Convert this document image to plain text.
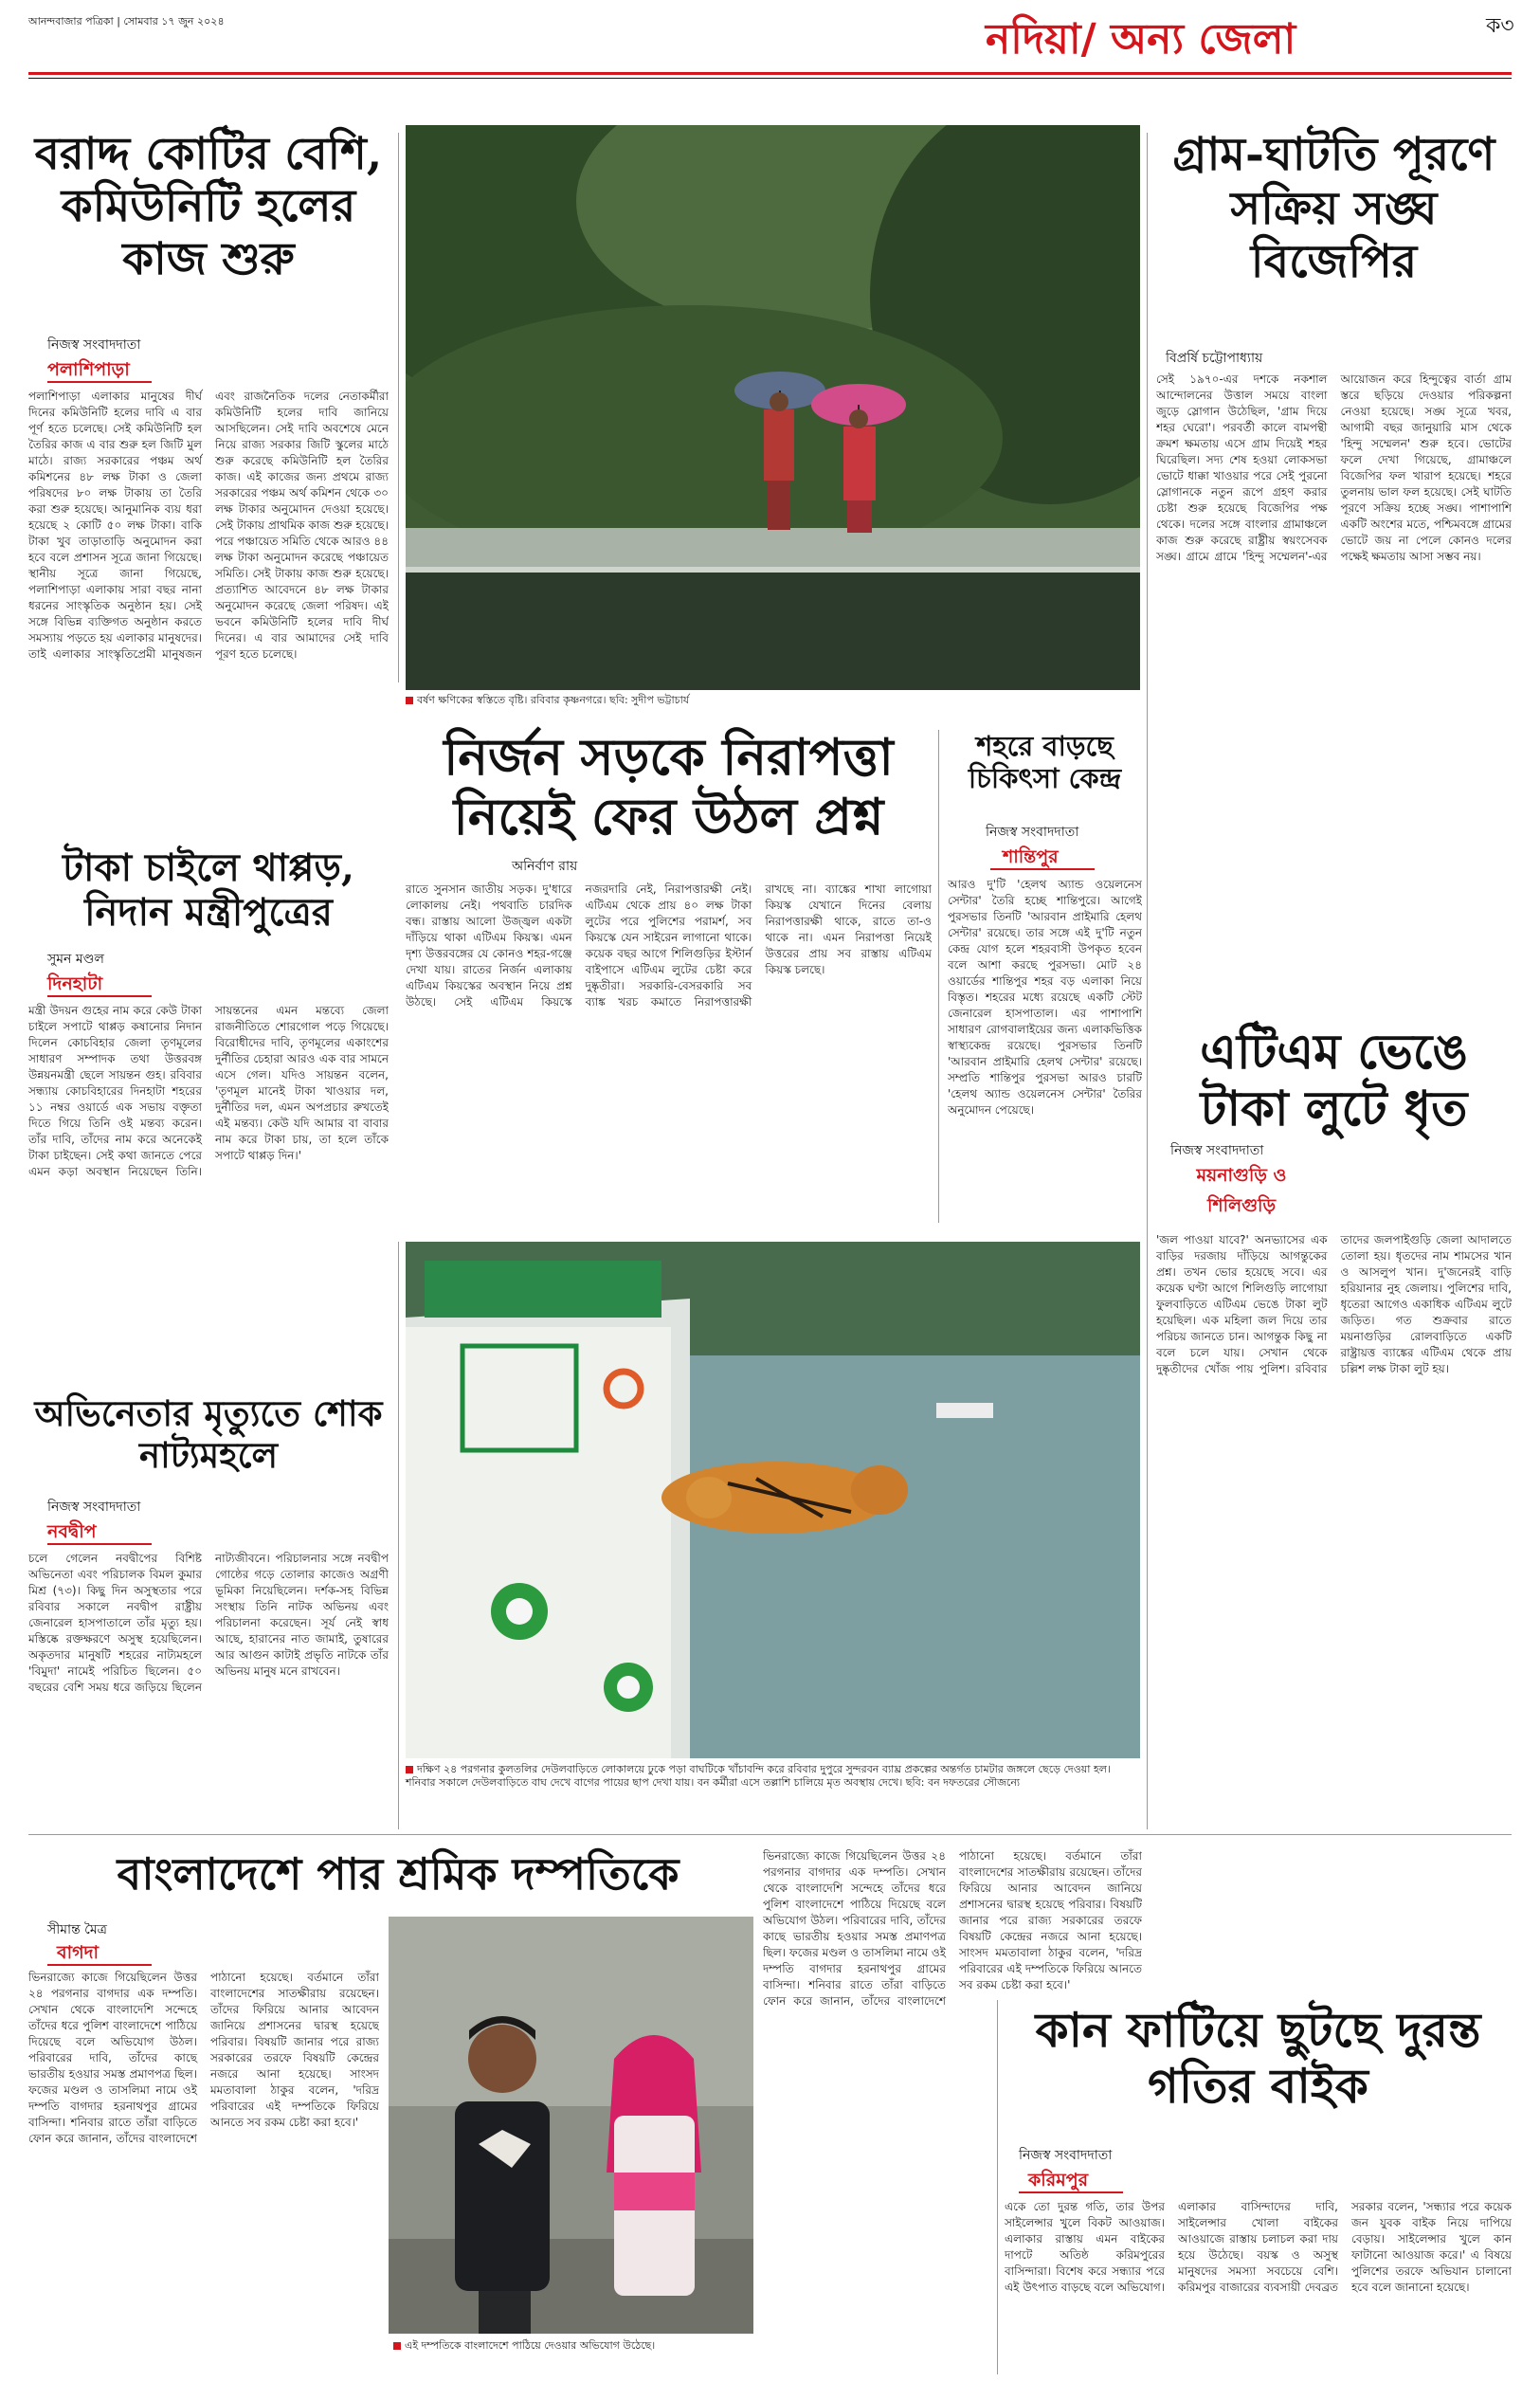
আনন্দবাজার পত্রিকা | সোমবার ১৭ জুন ২০২৪	নদিয়া/ অন্য জেলা	ক৩
বরাদ্দ কোটির বেশি, কমিউনিটি হলের কাজ শুরু
নিজস্ব সংবাদদাতা
পলাশিপাড়া
পলাশিপাড়া এলাকার মানুষের দীর্ঘ দিনের কমিউনিটি হলের দাবি এ বার পূর্ণ হতে চলেছে। সেই কমিউনিটি হল তৈরির কাজ এ বার শুরু হল জিটি মুল মাঠে। রাজ্য সরকারের পঞ্চম অর্থ কমিশনের ৪৮ লক্ষ টাকা ও জেলা পরিষদের ৮০ লক্ষ টাকায় তা তৈরি করা শুরু হয়েছে। আনুমানিক ব্যয় ধরা হয়েছে ২ কোটি ৫০ লক্ষ টাকা। বাকি টাকা খুব তাড়াতাড়ি অনুমোদন করা হবে বলে প্রশাসন সূত্রে জানা গিয়েছে। স্থানীয় সূত্রে জানা গিয়েছে, পলাশিপাড়া এলাকায় সারা বছর নানা ধরনের সাংস্কৃতিক অনুষ্ঠান হয়। সেই সঙ্গে বিভিন্ন ব্যক্তিগত অনুষ্ঠান করতে সমস্যায় পড়তে হয় এলাকার মানুষদের। তাই এলাকার সাংস্কৃতিপ্রেমী মানুষজন এবং রাজনৈতিক দলের নেতাকর্মীরা কমিউনিটি হলের দাবি জানিয়ে আসছিলেন। সেই দাবি অবশেষে মেনে নিয়ে রাজ্য সরকার জিটি স্কুলের মাঠে শুরু করেছে কমিউনিটি হল তৈরির কাজ। এই কাজের জন্য প্রথমে রাজ্য সরকারের পঞ্চম অর্থ কমিশন থেকে ৩০ লক্ষ টাকার অনুমোদন দেওয়া হয়েছে। সেই টাকায় প্রাথমিক কাজ শুরু হয়েছে। পরে পঞ্চায়েত সমিতি থেকে আরও ৪৪ লক্ষ টাকা অনুমোদন করেছে পঞ্চায়েত সমিতি। সেই টাকায় কাজ শুরু হয়েছে। প্রত্যাশিত আবেদনে ৪৮ লক্ষ টাকার অনুমোদন করেছে জেলা পরিষদ। এই ভবনে কমিউনিটি হলের দাবি দীর্ঘ দিনের। এ বার আমাদের সেই দাবি পূরণ হতে চলেছে।
বর্ষণ ক্ষণিকের স্বস্তিতে বৃষ্টি। রবিবার কৃষ্ণনগরে। ছবি: সুদীপ ভট্টাচার্য
নির্জন সড়কে নিরাপত্তা নিয়েই ফের উঠল প্রশ্ন
অনির্বাণ রায়
রাতে সুনসান জাতীয় সড়ক। দু'ধারে লোকালয় নেই। পথবাতি চারদিক বন্ধ। রাস্তায় আলো উজ্জ্বল একটা দাঁড়িয়ে থাকা এটিএম কিয়স্ক। এমন দৃশ্য উত্তরবঙ্গের যে কোনও শহর-গঞ্জে দেখা যায়। রাতের নির্জন এলাকায় এটিএম কিয়স্কের অবস্থান নিয়ে প্রশ্ন উঠছে। সেই এটিএম কিয়স্কে নজরদারি নেই, নিরাপত্তারক্ষী নেই। এটিএম থেকে প্রায় ৪০ লক্ষ টাকা লুটের পরে পুলিশের পরামর্শ, সব কিয়স্কে যেন সাইরেন লাগানো থাকে। কয়েক বছর আগে শিলিগুড়ির ইস্টার্ন বাইপাসে এটিএম লুটের চেষ্টা করে দুষ্কৃতীরা। সরকারি-বেসরকারি সব ব্যাঙ্ক খরচ কমাতে নিরাপত্তারক্ষী রাখছে না। ব্যাঙ্কের শাখা লাগোয়া কিয়স্ক যেখানে দিনের বেলায় নিরাপত্তারক্ষী থাকে, রাতে তা-ও থাকে না। এমন নিরাপত্তা নিয়েই উত্তরের প্রায় সব রাস্তায় এটিএম কিয়স্ক চলছে।
শহরে বাড়ছে চিকিৎসা কেন্দ্র
নিজস্ব সংবাদদাতা
শান্তিপুর
আরও দু'টি 'হেলথ অ্যান্ড ওয়েলনেস সেন্টার' তৈরি হচ্ছে শান্তিপুরে। আগেই পুরসভার তিনটি 'আরবান প্রাইমারি হেলথ সেন্টার' রয়েছে। তার সঙ্গে এই দু'টি নতুন কেন্দ্র যোগ হলে শহরবাসী উপকৃত হবেন বলে আশা করছে পুরসভা। মোট ২৪ ওয়ার্ডের শান্তিপুর শহর বড় এলাকা নিয়ে বিস্তৃত। শহরের মধ্যে রয়েছে একটি স্টেট জেনারেল হাসপাতাল। এর পাশাপাশি সাধারণ রোগবালাইয়ের জন্য এলাকভিত্তিক স্বাস্থ্যকেন্দ্র রয়েছে। পুরসভার তিনটি 'আরবান প্রাইমারি হেলথ সেন্টার' রয়েছে। সম্প্রতি শান্তিপুর পুরসভা আরও চারটি 'হেলথ অ্যান্ড ওয়েলনেস সেন্টার' তৈরির অনুমোদন পেয়েছে।
টাকা চাইলে থাপ্পড়, নিদান মন্ত্রীপুত্রের
সুমন মণ্ডল
দিনহাটা
মন্ত্রী উদয়ন গুহের নাম করে কেউ টাকা চাইলে সপাটে থাপ্পড় কষানোর নিদান দিলেন কোচবিহার জেলা তৃণমূলের সাধারণ সম্পাদক তথা উত্তরবঙ্গ উন্নয়নমন্ত্রী ছেলে সায়ন্তন গুহ। রবিবার সন্ধ্যায় কোচবিহারের দিনহাটা শহরের ১১ নম্বর ওয়ার্ডে এক সভায় বক্তৃতা দিতে গিয়ে তিনি ওই মন্তব্য করেন। তাঁর দাবি, তাঁদের নাম করে অনেকেই টাকা চাইছেন। সেই কথা জানতে পেরে এমন কড়া অবস্থান নিয়েছেন তিনি। সায়ন্তনের এমন মন্তব্যে জেলা রাজনীতিতে শোরগোল পড়ে গিয়েছে। বিরোধীদের দাবি, তৃণমূলের একাংশের দুর্নীতির চেহারা আরও এক বার সামনে এসে গেল। যদিও সায়ন্তন বলেন, 'তৃণমূল মানেই টাকা খাওয়ার দল, দুর্নীতির দল, এমন অপপ্রচার রুখতেই এই মন্তব্য। কেউ যদি আমার বা বাবার নাম করে টাকা চায়, তা হলে তাঁকে সপাটে থাপ্পড় দিন।'
অভিনেতার মৃত্যুতে শোক নাট্যমহলে
নিজস্ব সংবাদদাতা
নবদ্বীপ
চলে গেলেন নবদ্বীপের বিশিষ্ট অভিনেতা এবং পরিচালক বিমল কুমার মিশ্র (৭৩)। কিছু দিন অসুস্থতার পরে রবিবার সকালে নবদ্বীপ রাষ্ট্রীয় জেনারেল হাসপাতালে তাঁর মৃত্যু হয়। মস্তিষ্কে রক্তক্ষরণে অসুস্থ হয়েছিলেন। অকৃতদার মানুষটি শহরের নাট্যমহলে 'বিমুদা' নামেই পরিচিত ছিলেন। ৫০ বছরের বেশি সময় ধরে জড়িয়ে ছিলেন নাট্যজীবনে। পরিচালনার সঙ্গে নবদ্বীপ গোষ্ঠের গড়ে তোলার কাজেও অগ্রণী ভূমিকা নিয়েছিলেন। দর্শক-সহ বিভিন্ন সংস্থায় তিনি নাটক অভিনয় এবং পরিচালনা করেছেন। সূর্য নেই স্বাধ আছে, হারানের নাত জামাই, তুষারের আর আগুন কাটাই প্রভৃতি নাটকে তাঁর অভিনয় মানুষ মনে রাখবেন।
দক্ষিণ ২৪ পরগনার কুলতলির দেউলবাড়িতে লোকালয়ে ঢুকে পড়া বাঘটিকে খাঁচাবন্দি করে রবিবার দুপুরে সুন্দরবন ব্যাঘ্র প্রকল্পের অন্তর্গত চামটার জঙ্গলে ছেড়ে দেওয়া হল। শনিবার সকালে দেউলবাড়িতে বাঘ দেখে বাগের পায়ের ছাপ দেখা যায়। বন কর্মীরা এসে তল্লাশি চালিয়ে মৃত অবস্থায় দেখে। ছবি: বন দফতরের সৌজন্যে
গ্রাম-ঘাটতি পূরণে সক্রিয় সঙ্ঘ বিজেপির
বিপ্রর্ষি চট্টোপাধ্যায়
সেই ১৯৭০-এর দশকে নকশাল আন্দোলনের উত্তাল সময়ে বাংলা জুড়ে স্লোগান উঠেছিল, 'গ্রাম দিয়ে শহর ঘেরো'। পরবর্তী কালে বামপন্থী ক্রমশ ক্ষমতায় এসে গ্রাম দিয়েই শহর ঘিরেছিল। সদ্য শেষ হওয়া লোকসভা ভোটে ধাক্কা খাওয়ার পরে সেই পুরনো স্লোগানকে নতুন রূপে গ্রহণ করার চেষ্টা শুরু হয়েছে বিজেপির পক্ষ থেকে। দলের সঙ্গে বাংলার গ্রামাঞ্চলে কাজ শুরু করেছে রাষ্ট্রীয় স্বয়ংসেবক সঙ্ঘ। গ্রামে গ্রামে 'হিন্দু সম্মেলন'-এর আয়োজন করে হিন্দুত্বের বার্তা গ্রাম স্তরে ছড়িয়ে দেওয়ার পরিকল্পনা নেওয়া হয়েছে। সঙ্ঘ সূত্রে খবর, আগামী বছর জানুয়ারি মাস থেকে 'হিন্দু সম্মেলন' শুরু হবে। ভোটের ফলে দেখা গিয়েছে, গ্রামাঞ্চলে বিজেপির ফল খারাপ হয়েছে। শহরে তুলনায় ভাল ফল হয়েছে। সেই ঘাটতি পূরণে সক্রিয় হচ্ছে সঙ্ঘ। পাশাপাশি একটি অংশের মতে, পশ্চিমবঙ্গে গ্রামের ভোটে জয় না পেলে কোনও দলের পক্ষেই ক্ষমতায় আসা সম্ভব নয়।
এটিএম ভেঙে টাকা লুটে ধৃত
নিজস্ব সংবাদদাতা
ময়নাগুড়ি ও শিলিগুড়ি
'জল পাওয়া যাবে?' অনভ্যাসের এক বাড়ির দরজায় দাঁড়িয়ে আগন্তুকের প্রশ্ন। তখন ভোর হয়েছে সবে। এর কয়েক ঘণ্টা আগে শিলিগুড়ি লাগোয়া ফুলবাড়িতে এটিএম ভেঙে টাকা লুট হয়েছিল। এক মহিলা জল দিয়ে তার পরিচয় জানতে চান। আগন্তুক কিছু না বলে চলে যায়। সেখান থেকে দুষ্কৃতীদের খোঁজ পায় পুলিশ। রবিবার তাদের জলপাইগুড়ি জেলা আদালতে তোলা হয়। ধৃতদের নাম শামসের খান ও আসলুপ খান। দু'জনেরই বাড়ি হরিয়ানার নুহ জেলায়। পুলিশের দাবি, ধৃতেরা আগেও একাধিক এটিএম লুটে জড়িত। গত শুক্রবার রাতে ময়নাগুড়ির রোলবাড়িতে একটি রাষ্ট্রায়ত্ত ব্যাঙ্কের এটিএম থেকে প্রায় চল্লিশ লক্ষ টাকা লুট হয়।
বাংলাদেশে পার শ্রমিক দম্পতিকে
সীমান্ত মৈত্র
বাগদা
ভিনরাজ্যে কাজে গিয়েছিলেন উত্তর ২৪ পরগনার বাগদার এক দম্পতি। সেখান থেকে বাংলাদেশি সন্দেহে তাঁদের ধরে পুলিশ বাংলাদেশে পাঠিয়ে দিয়েছে বলে অভিযোগ উঠল। পরিবারের দাবি, তাঁদের কাছে ভারতীয় হওয়ার সমস্ত প্রমাণপত্র ছিল। ফজের মণ্ডল ও তাসলিমা নামে ওই দম্পতি বাগদার হরনাথপুর গ্রামের বাসিন্দা। শনিবার রাতে তাঁরা বাড়িতে ফোন করে জানান, তাঁদের বাংলাদেশে পাঠানো হয়েছে। বর্তমানে তাঁরা বাংলাদেশের সাতক্ষীরায় রয়েছেন। তাঁদের ফিরিয়ে আনার আবেদন জানিয়ে প্রশাসনের দ্বারস্থ হয়েছে পরিবার। বিষয়টি জানার পরে রাজ্য সরকারের তরফে বিষয়টি কেন্দ্রের নজরে আনা হয়েছে। সাংসদ মমতাবালা ঠাকুর বলেন, 'দরিদ্র পরিবারের এই দম্পতিকে ফিরিয়ে আনতে সব রকম চেষ্টা করা হবে।'
এই দম্পতিকে বাংলাদেশে পাঠিয়ে দেওয়ার অভিযোগ উঠেছে।
ভিনরাজ্যে কাজে গিয়েছিলেন উত্তর ২৪ পরগনার বাগদার এক দম্পতি। সেখান থেকে বাংলাদেশি সন্দেহে তাঁদের ধরে পুলিশ বাংলাদেশে পাঠিয়ে দিয়েছে বলে অভিযোগ উঠল। পরিবারের দাবি, তাঁদের কাছে ভারতীয় হওয়ার সমস্ত প্রমাণপত্র ছিল। ফজের মণ্ডল ও তাসলিমা নামে ওই দম্পতি বাগদার হরনাথপুর গ্রামের বাসিন্দা। শনিবার রাতে তাঁরা বাড়িতে ফোন করে জানান, তাঁদের বাংলাদেশে পাঠানো হয়েছে। বর্তমানে তাঁরা বাংলাদেশের সাতক্ষীরায় রয়েছেন। তাঁদের ফিরিয়ে আনার আবেদন জানিয়ে প্রশাসনের দ্বারস্থ হয়েছে পরিবার। বিষয়টি জানার পরে রাজ্য সরকারের তরফে বিষয়টি কেন্দ্রের নজরে আনা হয়েছে। সাংসদ মমতাবালা ঠাকুর বলেন, 'দরিদ্র পরিবারের এই দম্পতিকে ফিরিয়ে আনতে সব রকম চেষ্টা করা হবে।'
কান ফাটিয়ে ছুটছে দুরন্ত গতির বাইক
নিজস্ব সংবাদদাতা
করিমপুর
একে তো দুরন্ত গতি, তার উপর সাইলেন্সার খুলে বিকট আওয়াজ। এলাকার রাস্তায় এমন বাইকের দাপটে অতিষ্ঠ করিমপুরের বাসিন্দারা। বিশেষ করে সন্ধ্যার পরে এই উৎপাত বাড়ছে বলে অভিযোগ। এলাকার বাসিন্দাদের দাবি, সাইলেন্সার খোলা বাইকের আওয়াজে রাস্তায় চলাচল করা দায় হয়ে উঠেছে। বয়স্ক ও অসুস্থ মানুষদের সমস্যা সবচেয়ে বেশি। করিমপুর বাজারের ব্যবসায়ী দেবব্রত সরকার বলেন, 'সন্ধ্যার পরে কয়েক জন যুবক বাইক নিয়ে দাপিয়ে বেড়ায়। সাইলেন্সার খুলে কান ফাটানো আওয়াজ করে।' এ বিষয়ে পুলিশের তরফে অভিযান চালানো হবে বলে জানানো হয়েছে।
